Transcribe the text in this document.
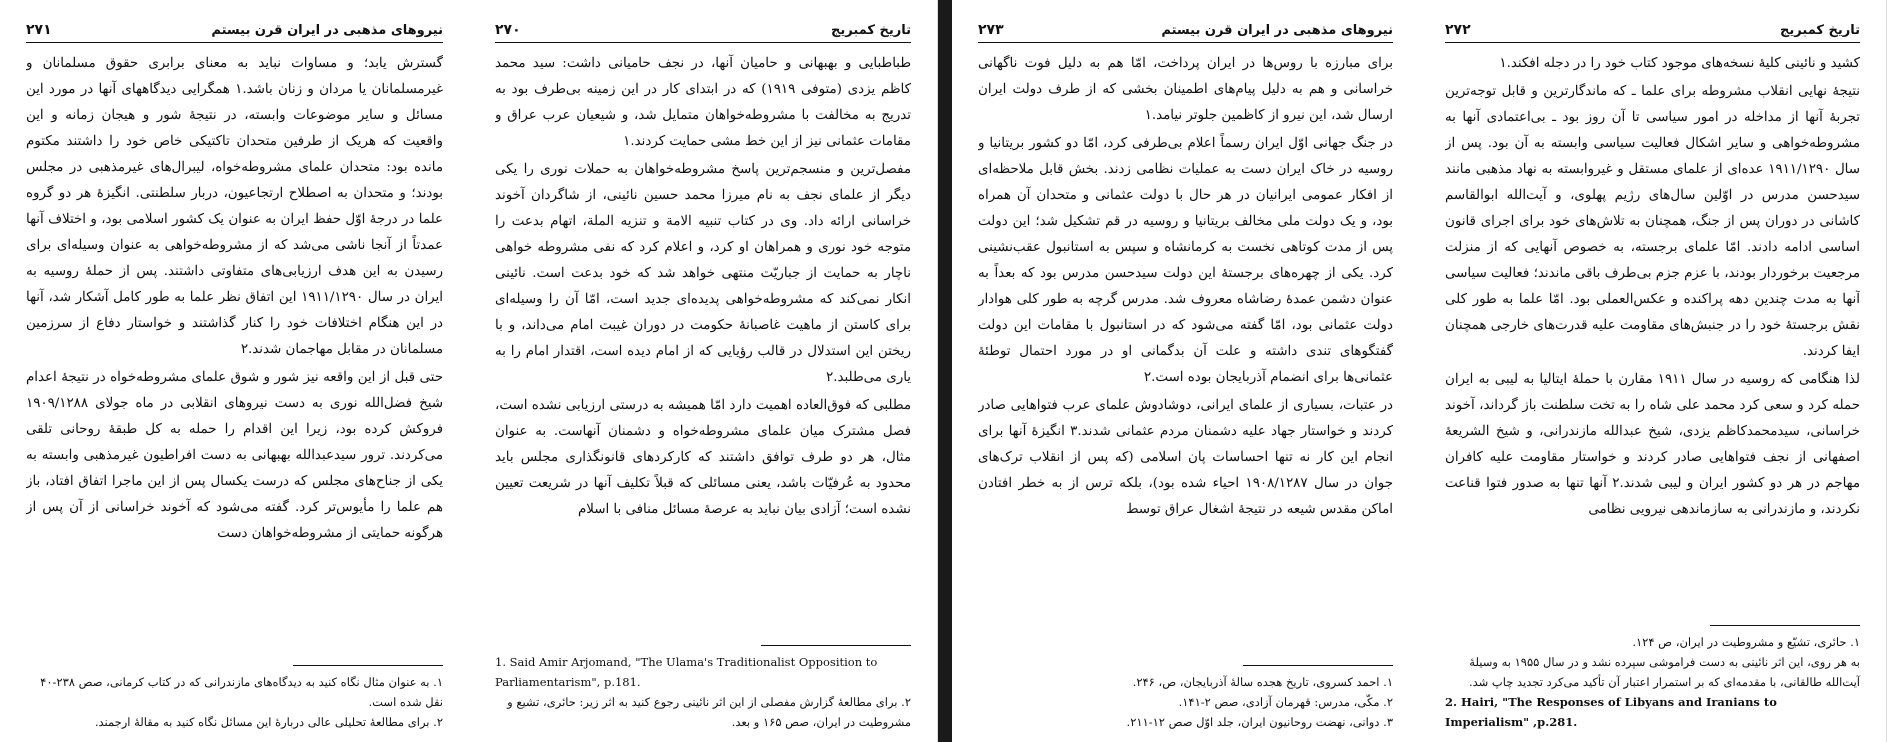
نیروهای مذهبی در ایران قرن بیستم
۲۷۱

گسترش یابد؛ و مساوات نباید به معنای برابری حقوق مسلمانان و غیرمسلمانان یا مردان و زنان باشد.۱ همگرایی دیدگاههای آنها در مورد این مسائل و سایر موضوعات وابسته، در نتیجهٔ شور و هیجان زمانه و این واقعیت که هریک از طرفین متحدان تاکتیکی خاص خود را داشتند مکتوم مانده بود: متحدان علمای مشروطه‌خواه، لیبرال‌های غیرمذهبی در مجلس بودند؛ و متحدان به اصطلاح ارتجاعیون، دربار سلطنتی. انگیزهٔ هر دو گروه علما در درجهٔ اوّل حفظ ایران به عنوان یک کشور اسلامی بود، و اختلاف آنها عمدتاً از آنجا ناشی می‌شد که از مشروطه‌خواهی به عنوان وسیله‌ای برای رسیدن به این هدف ارزیابی‌های متفاوتی داشتند. پس از حملهٔ روسیه به ایران در سال ۱۹۱۱/۱۲۹۰ این اتفاق نظر علما به طور کامل آشکار شد، آنها در این هنگام اختلافات خود را کنار گذاشتند و خواستار دفاع از سرزمین مسلمانان در مقابل مهاجمان شدند.۲

حتی قبل از این واقعه نیز شور و شوق علمای مشروطه‌خواه در نتیجهٔ اعدام شیخ فضل‌الله نوری به دست نیروهای انقلابی در ماه جولای ۱۹۰۹/۱۲۸۸ فروکش کرده بود، زیرا این اقدام را حمله به کل طبقهٔ روحانی تلقی می‌کردند. ترور سیدعبدالله بهبهانی به دست افراطیون غیرمذهبی وابسته به یکی از جناح‌های مجلس که درست یکسال پس از این ماجرا اتفاق افتاد، باز هم علما را مأیوس‌تر کرد. گفته می‌شود که آخوند خراسانی از آن پس از هرگونه حمایتی از مشروطه‌خواهان دست

۱. به عنوان مثال نگاه کنید به دیدگاه‌های مازندرانی که در کتاب کرمانی، صص ۲۳۸-۴۰ نقل شده است.

۲. برای مطالعهٔ تحلیلی عالی دربارهٔ این مسائل نگاه کنید به مقالهٔ ارجمند.

تاریخ کمبریج
۲۷۰

طباطبایی و بهبهانی و حامیان آنها، در نجف حامیانی داشت: سید محمد کاظم یزدی (متوفی ۱۹۱۹) که در ابتدای کار در این زمینه بی‌طرف بود به تدریج به مخالفت با مشروطه‌خواهان متمایل شد، و شیعیان عرب عراق و مقامات عثمانی نیز از این خط مشی حمایت کردند.۱

مفصل‌ترین و منسجم‌ترین پاسخ مشروطه‌خواهان به حملات نوری را یکی دیگر از علمای نجف به نام میرزا محمد حسین نائینی، از شاگردان آخوند خراسانی ارائه داد. وی در کتاب تنبیه الامة و تنزیه الملة، اتهام بدعت را متوجه خود نوری و همراهان او کرد، و اعلام کرد که نفی مشروطه خواهی ناچار به حمایت از جباریّت منتهی خواهد شد که خود بدعت است. نائینی انکار نمی‌کند که مشروطه‌خواهی پدیده‌ای جدید است، امّا آن را وسیله‌ای برای کاستن از ماهیت غاصبانهٔ حکومت در دوران غیبت امام می‌داند، و با ریختن این استدلال در قالب رؤیایی که از امام دیده است، اقتدار امام را به یاری می‌طلبد.۲

مطلبی که فوق‌العاده اهمیت دارد امّا همیشه به درستی ارزیابی نشده است، فصل مشترک میان علمای مشروطه‌خواه و دشمنان آنهاست. به عنوان مثال، هر دو طرف توافق داشتند که کارکردهای قانونگذاری مجلس باید محدود به عُرفیّات باشد، یعنی مسائلی که قبلاً تکلیف آنها در شریعت تعیین نشده است؛ آزادی بیان نباید به عرصهٔ مسائل منافی با اسلام

1. Said Amir Arjomand, "The Ulama's Traditionalist Opposition to Parliamentarism", p.181.

۲. برای مطالعهٔ گزارش مفصلی از این اثر نائینی رجوع کنید به اثر زیر: حائری، تشیع و مشروطیت در ایران، صص ۱۶۵ و بعد.

نیروهای مذهبی در ایران قرن بیستم
۲۷۳

برای مبارزه با روس‌ها در ایران پرداخت، امّا هم به دلیل فوت ناگهانی خراسانی و هم به دلیل پیام‌های اطمینان بخشی که از طرف دولت ایران ارسال شد، این نیرو از کاظمین جلوتر نیامد.۱

در جنگ جهانی اوّل ایران رسماً اعلام بی‌طرفی کرد، امّا دو کشور بریتانیا و روسیه در خاک ایران دست به عملیات نظامی زدند. بخش قابل ملاحظه‌ای از افکار عمومی ایرانیان در هر حال با دولت عثمانی و متحدان آن همراه بود، و یک دولت ملی مخالف بریتانیا و روسیه در قم تشکیل شد؛ این دولت پس از مدت کوتاهی نخست به کرمانشاه و سپس به استانبول عقب‌نشینی کرد. یکی از چهره‌های برجستهٔ این دولت سیدحسن مدرس بود که بعداً به عنوان دشمن عمدهٔ رضاشاه معروف شد. مدرس گرچه به طور کلی هوادار دولت عثمانی بود، امّا گفته می‌شود که در استانبول با مقامات این دولت گفتگوهای تندی داشته و علت آن بدگمانی او در مورد احتمال توطئهٔ عثمانی‌ها برای انضمام آذربایجان بوده است.۲

در عتبات، بسیاری از علمای ایرانی، دوشادوش علمای عرب فتواهایی صادر کردند و خواستار جهاد علیه دشمنان مردم عثمانی شدند.۳ انگیزهٔ آنها برای انجام این کار نه تنها احساسات پان اسلامی (که پس از انقلاب ترک‌های جوان در سال ۱۹۰۸/۱۲۸۷ احیاء شده بود)، بلکه ترس از به خطر افتادن اماکن مقدس شیعه در نتیجهٔ اشغال عراق توسط

۱. احمد کسروی، تاریخ هجده سالهٔ آذربایجان، ص، ۲۴۶.

۲. مکّی، مدرس: قهرمان آزادی، صص ۲-۱۴۱.

۳. دوانی، نهضت روحانیون ایران، جلد اوّل صص ۱۲-۲۱۱.

تاریخ کمبریج
۲۷۲

کشید و نائینی کلیهٔ نسخه‌های موجود کتاب خود را در دجله افکند.۱

نتیجهٔ نهایی انقلاب مشروطه برای علما ـ که ماندگارترین و قابل توجه‌ترین تجربهٔ آنها از مداخله در امور سیاسی تا آن روز بود ـ بی‌اعتمادی آنها به مشروطه‌خواهی و سایر اشکال فعالیت سیاسی وابسته به آن بود. پس از سال ۱۹۱۱/۱۲۹۰ عده‌ای از علمای مستقل و غیروابسته به نهاد مذهبی مانند سیدحسن مدرس در اوّلین سال‌های رژیم پهلوی، و آیت‌الله ابوالقاسم کاشانی در دوران پس از جنگ، همچنان به تلاش‌های خود برای اجرای قانون اساسی ادامه دادند. امّا علمای برجسته، به خصوص آنهایی که از منزلت مرجعیت برخوردار بودند، با عزم جزم بی‌طرف باقی ماندند؛ فعالیت سیاسی آنها به مدت چندین دهه پراکنده و عکس‌العملی بود. امّا علما به طور کلی نقش برجستهٔ خود را در جنبش‌های مقاومت علیه قدرت‌های خارجی همچنان ایفا کردند.

لذا هنگامی که روسیه در سال ۱۹۱۱ مقارن با حملهٔ ایتالیا به لیبی به ایران حمله کرد و سعی کرد محمد علی شاه را به تخت سلطنت باز گرداند، آخوند خراسانی، سیدمحمدکاظم یزدی، شیخ عبدالله مازندرانی، و شیخ الشریعهٔ اصفهانی از نجف فتواهایی صادر کردند و خواستار مقاومت علیه کافران مهاجم در هر دو کشور ایران و لیبی شدند.۲ آنها تنها به صدور فتوا قناعت نکردند، و مازندرانی به سازماندهی نیرویی نظامی

۱. حائری، تشیّع و مشروطیت در ایران، ص ۱۲۴.

به هر روی، این اثر نائینی به دست فراموشی سپرده نشد و در سال ۱۹۵۵ به وسیلهٔ آیت‌الله طالقانی، با مقدمه‌ای که بر استمرار اعتبار آن تأکید می‌کرد تجدید چاپ شد.

2. Hairi, "The Responses of Libyans and Iranians to Imperialism" ,p.281.
